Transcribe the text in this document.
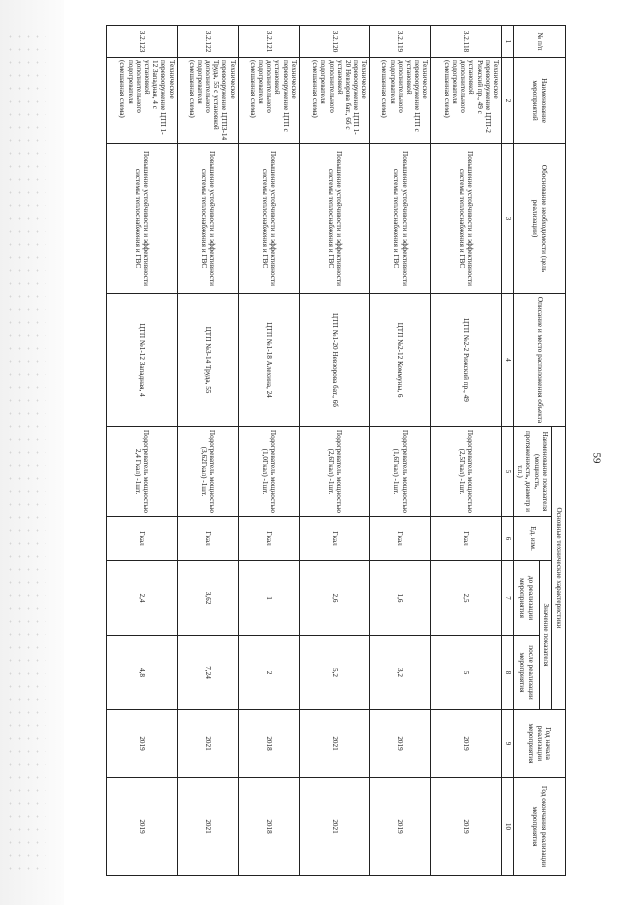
59
№ п/п	Наименование мероприятий	Обоснование необходимости (цель реализации)	Описание и место расположения объекта	Основные технические характеристики				Год начала реализации мероприятия	Год окончания реализации мероприятия
				Наименование показателя (мощность, протяженность, диаметр и т.п.)	Ед. изм.	Значение показателя			
						до реализации мероприятия	после реализации мероприятия		
1	2	3	4	5	6	7	8	9	10
3.2.118	Техническое перевооружение ЦТП-2 Рижский пр., 49 с установкой дополнительного подогревателя (смешанная схема)	Повышение устойчивости и эффективности системы теплоснабжения и ГВС	ЦТП №2-2 Рижский пр., 49	Подогреватель мощностью (2,5Гкал) -1шт.	Гкал	2,5	5	2019	2019
3.2.119	Техническое перевооружение ЦТП с установкой дополнительного подогревателя (смешанная схема)	Повышение устойчивости и эффективности системы теплоснабжения и ГВС	ЦТП №2-12 Коммуны, 6	Подогреватель мощностью (1,6Гкал) -1шт.	Гкал	1,6	3,2	2019	2019
3.2.120	Техническое перевооружение ЦТП 1-20 Невзорова бат., 6б с установкой дополнительного подогревателя (смешанная схема)	Повышение устойчивости и эффективности системы теплоснабжения и ГВС	ЦТП №1-20 Невзорова бат., 6б	Подогреватель мощностью (2,6Гкал) -1шт.	Гкал	2,6	5,2	2021	2021
3.2.121	Техническое перевооружение ЦТП с установкой дополнительного подогревателя (смешанная схема)	Повышение устойчивости и эффективности системы теплоснабжения и ГВС	ЦТП №1-18 Алехина, 24	Подогреватель мощностью (1,0Гкал) -1шт.	Гкал	1	2	2018	2018
3.2.122	Техническое перевооружение ЦТП3-14 Труда, 55 с установкой дополнительного подогревателя (смешанная схема)	Повышение устойчивости и эффективности системы теплоснабжения и ГВС	ЦТП №3-14 Труда, 55	Подогреватель мощностью (3,62Гкал) -1шт.	Гкал	3,62	7,24	2021	2021
3.2.123	Техническое перевооружение ЦТП 1-12 Западная, 4 с установкой дополнительного подогревателя (смешанная схема)	Повышение устойчивости и эффективности системы теплоснабжения и ГВС	ЦТП №1-12 Западная, 4	Подогреватель мощностью 2,4 Гкал) -1шт.	Гкал	2,4	4,8	2019	2019
